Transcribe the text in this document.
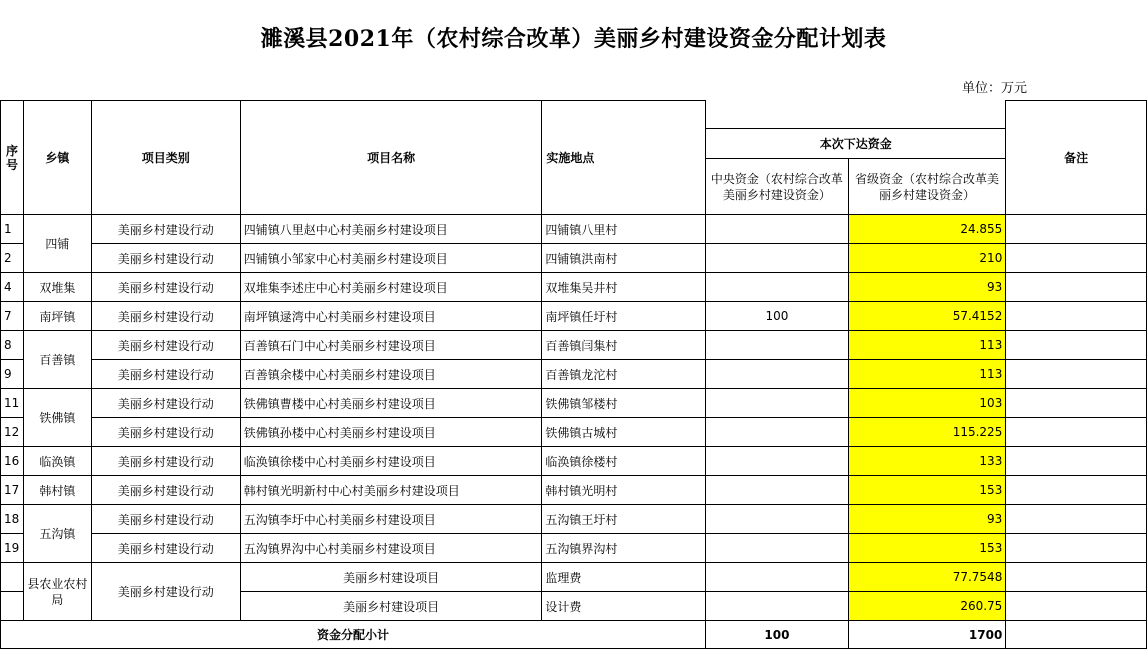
濉溪县2021年（农村综合改革）美丽乡村建设资金分配计划表
单位：万元
序号	乡镇	项目类别	项目名称	实施地点			备注
					本次下达资金		
					中央资金（农村综合改革美丽乡村建设资金）	省级资金（农村综合改革美丽乡村建设资金）	
1	四铺	美丽乡村建设行动	四铺镇八里赵中心村美丽乡村建设项目	四铺镇八里村		24.855	
2		美丽乡村建设行动	四铺镇小邹家中心村美丽乡村建设项目	四铺镇洪南村		210	
4	双堆集	美丽乡村建设行动	双堆集李述庄中心村美丽乡村建设项目	双堆集吴井村		93	
7	南坪镇	美丽乡村建设行动	南坪镇逯湾中心村美丽乡村建设项目	南坪镇任圩村	100	57.4152	
8	百善镇	美丽乡村建设行动	百善镇石门中心村美丽乡村建设项目	百善镇闫集村		113	
9		美丽乡村建设行动	百善镇余楼中心村美丽乡村建设项目	百善镇龙沱村		113	
11	铁佛镇	美丽乡村建设行动	铁佛镇曹楼中心村美丽乡村建设项目	铁佛镇邹楼村		103	
12		美丽乡村建设行动	铁佛镇孙楼中心村美丽乡村建设项目	铁佛镇古城村		115.225	
16	临涣镇	美丽乡村建设行动	临涣镇徐楼中心村美丽乡村建设项目	临涣镇徐楼村		133	
17	韩村镇	美丽乡村建设行动	韩村镇光明新村中心村美丽乡村建设项目	韩村镇光明村		153	
18	五沟镇	美丽乡村建设行动	五沟镇李圩中心村美丽乡村建设项目	五沟镇王圩村		93	
19		美丽乡村建设行动	五沟镇界沟中心村美丽乡村建设项目	五沟镇界沟村		153	
	县农业农村局	美丽乡村建设行动	美丽乡村建设项目	监理费		77.7548	
			美丽乡村建设项目	设计费		260.75	
资金分配小计					100	1700	
